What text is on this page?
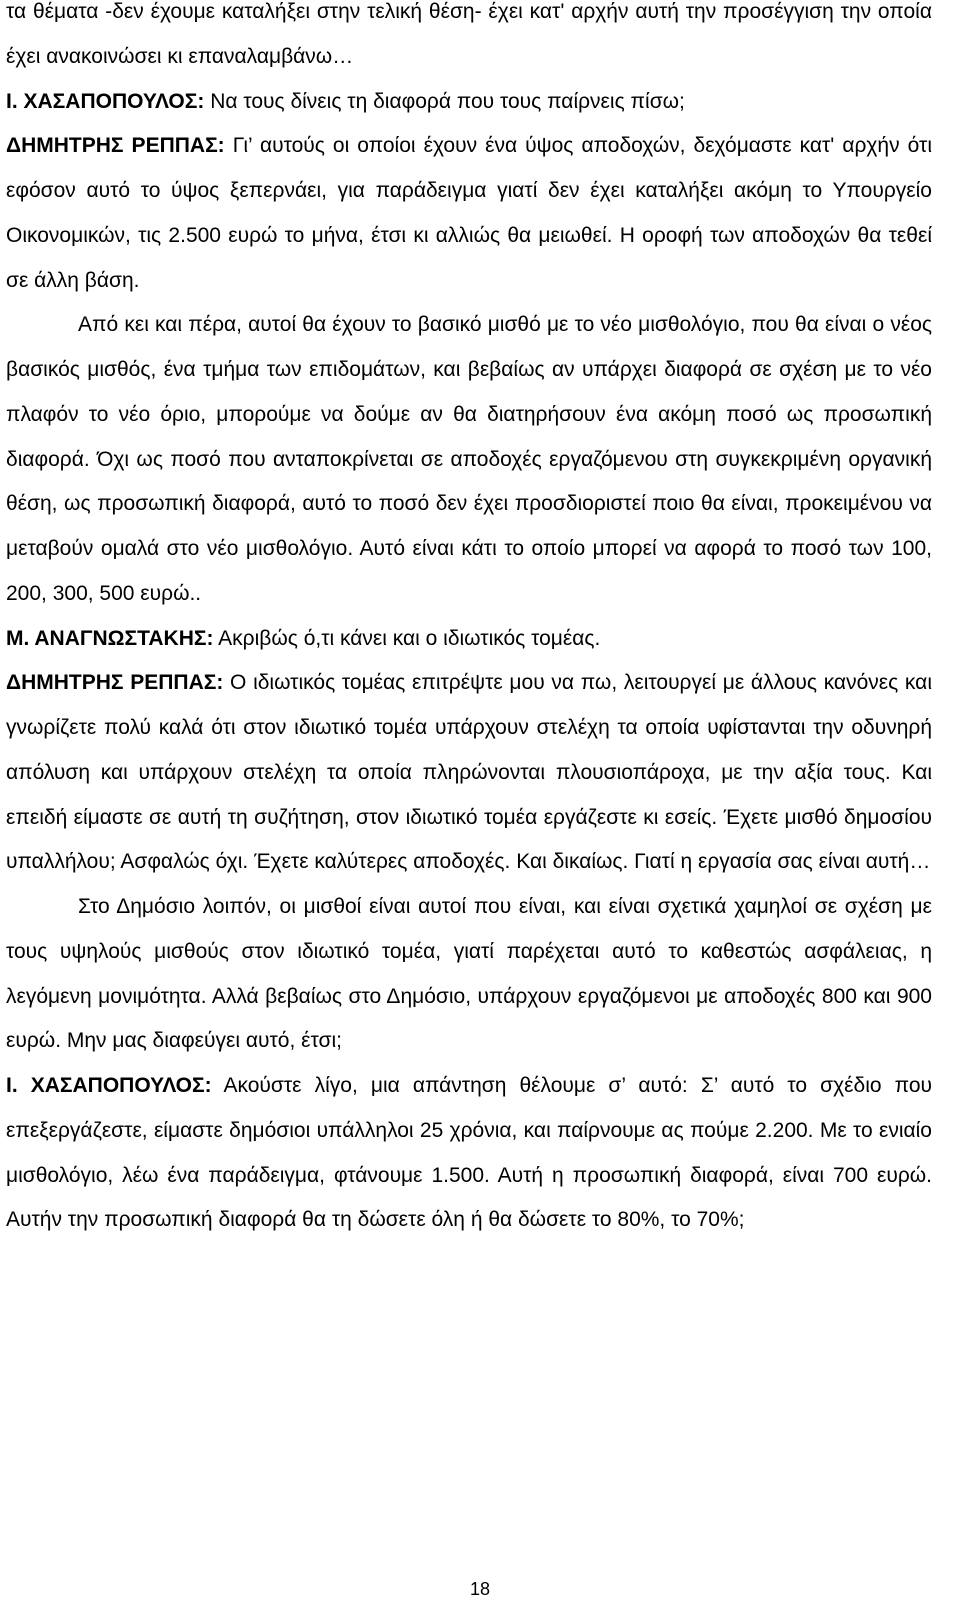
τα θέματα -δεν έχουμε καταλήξει στην τελική θέση- έχει κατ' αρχήν αυτή την προσέγγιση την οποία έχει ανακοινώσει κι επαναλαμβάνω…

Ι. ΧΑΣΑΠΟΠΟΥΛΟΣ: Να τους δίνεις τη διαφορά που τους παίρνεις πίσω;

ΔΗΜΗΤΡΗΣ ΡΕΠΠΑΣ: Γι’ αυτούς οι οποίοι έχουν ένα ύψος αποδοχών, δεχόμαστε κατ' αρχήν ότι εφόσον αυτό το ύψος ξεπερνάει, για παράδειγμα γιατί δεν έχει καταλήξει ακόμη το Υπουργείο Οικονομικών, τις 2.500 ευρώ το μήνα, έτσι κι αλλιώς θα μειωθεί. Η οροφή των αποδοχών θα τεθεί σε άλλη βάση.

Από κει και πέρα, αυτοί θα έχουν το βασικό μισθό με το νέο μισθολόγιο, που θα είναι ο νέος βασικός μισθός, ένα τμήμα των επιδομάτων, και βεβαίως αν υπάρχει διαφορά σε σχέση με το νέο πλαφόν το νέο όριο, μπορούμε να δούμε αν θα διατηρήσουν ένα ακόμη ποσό ως προσωπική διαφορά. Όχι ως ποσό που ανταποκρίνεται σε αποδοχές εργαζόμενου στη συγκεκριμένη οργανική θέση, ως προσωπική διαφορά, αυτό το ποσό δεν έχει προσδιοριστεί ποιο θα είναι, προκειμένου να μεταβούν ομαλά στο νέο μισθολόγιο. Αυτό είναι κάτι το οποίο μπορεί να αφορά το ποσό των 100, 200, 300, 500 ευρώ..

Μ. ΑΝΑΓΝΩΣΤΑΚΗΣ: Ακριβώς ό,τι κάνει και ο ιδιωτικός τομέας.

ΔΗΜΗΤΡΗΣ ΡΕΠΠΑΣ: Ο ιδιωτικός τομέας επιτρέψτε μου να πω, λειτουργεί με άλλους κανόνες και γνωρίζετε πολύ καλά ότι στον ιδιωτικό τομέα υπάρχουν στελέχη τα οποία υφίστανται την οδυνηρή απόλυση και υπάρχουν στελέχη τα οποία πληρώνονται πλουσιοπάροχα, με την αξία τους. Και επειδή είμαστε σε αυτή τη συζήτηση, στον ιδιωτικό τομέα εργάζεστε κι εσείς. Έχετε μισθό δημοσίου υπαλλήλου; Ασφαλώς όχι. Έχετε καλύτερες αποδοχές. Και δικαίως. Γιατί η εργασία σας είναι αυτή…

Στο Δημόσιο λοιπόν, οι μισθοί είναι αυτοί που είναι, και είναι σχετικά χαμηλοί σε σχέση με τους υψηλούς μισθούς στον ιδιωτικό τομέα, γιατί παρέχεται αυτό το καθεστώς ασφάλειας, η λεγόμενη μονιμότητα. Αλλά βεβαίως στο Δημόσιο, υπάρχουν εργαζόμενοι με αποδοχές 800 και 900 ευρώ. Μην μας διαφεύγει αυτό, έτσι;

Ι. ΧΑΣΑΠΟΠΟΥΛΟΣ: Ακούστε λίγο, μια απάντηση θέλουμε σ’ αυτό: Σ’ αυτό το σχέδιο που επεξεργάζεστε, είμαστε δημόσιοι υπάλληλοι 25 χρόνια, και παίρνουμε ας πούμε 2.200. Με το ενιαίο μισθολόγιο, λέω ένα παράδειγμα, φτάνουμε 1.500. Αυτή η προσωπική διαφορά, είναι 700 ευρώ. Αυτήν την προσωπική διαφορά θα τη δώσετε όλη ή θα δώσετε το 80%, το 70%;

18
